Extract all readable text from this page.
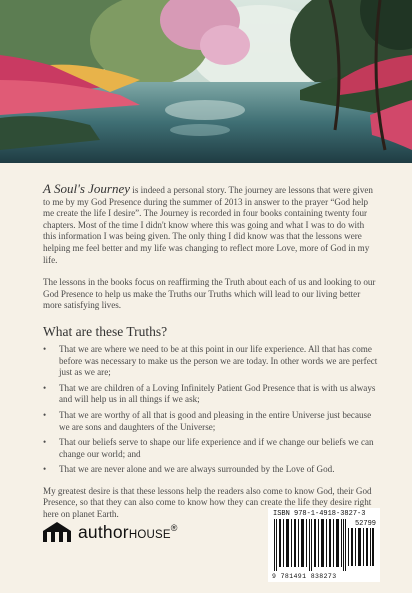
A Soul's Journey is indeed a personal story. The journey are lessons that were given to me by my God Presence during the summer of 2013 in answer to the prayer “God help me create the life I desire”. The Journey is recorded in four books containing twenty four chapters. Most of the time I didn't know where this was going and what I was to do with this information I was being given. The only thing I did know was that the lessons were helping me feel better and my life was changing to reflect more Love, more of God in my life.

The lessons in the books focus on reaffirming the Truth about each of us and looking to our God Presence to help us make the Truths our Truths which will lead to our living better more satisfying lives.

What are these Truths?
• That we are where we need to be at this point in our life experience. All that has come before was necessary to make us the person we are today. In other words we are perfect just as we are;
• That we are children of a Loving Infinitely Patient God Presence that is with us always and will help us in all things if we ask;
• That we are worthy of all that is good and pleasing in the entire Universe just because we are sons and daughters of the Universe;
• That our beliefs serve to shape our life experience and if we change our beliefs we can change our world; and
• That we are never alone and we are always surrounded by the Love of God.

My greatest desire is that these lessons help the readers also come to know God, their God Presence, so that they can also come to know how they can create the life they desire right here on planet Earth.

authorHOUSE®
ISBN 978-1-4918-3827-3
52799
9 781491 838273
